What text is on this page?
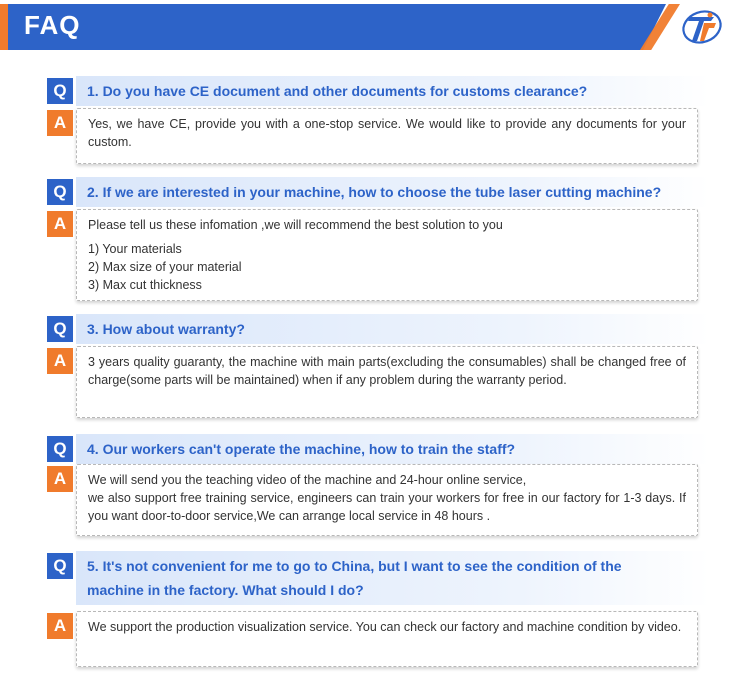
FAQ
Q	1. Do you have CE document and other documents for customs clearance?
A	Yes, we have CE, provide you with a one-stop service. We would like to provide any documents for your custom.
Q	2. If we are interested in your machine, how to choose the tube laser cutting machine?
A	Please tell us these infomation ,we will recommend the best solution to you
1) Your materials
2) Max size of your material
3) Max cut thickness
Q	3. How about warranty?
A	3 years quality guaranty, the machine with main parts(excluding the consumables) shall be changed free of charge(some parts will be maintained) when if any problem during the warranty period.
Q	4. Our workers can't operate the machine, how to train the staff?
A	We will send you the teaching video of the machine and 24-hour online service,
we also support free training service, engineers can train your workers for free in our factory for 1-3 days. If you want door-to-door service,We can arrange local service in 48 hours .
Q	5. It's not convenient for me to go to China, but I want to see the condition of the
machine in the factory. What should I do?
A	We support the production visualization service. You can check our factory and machine condition by video.
